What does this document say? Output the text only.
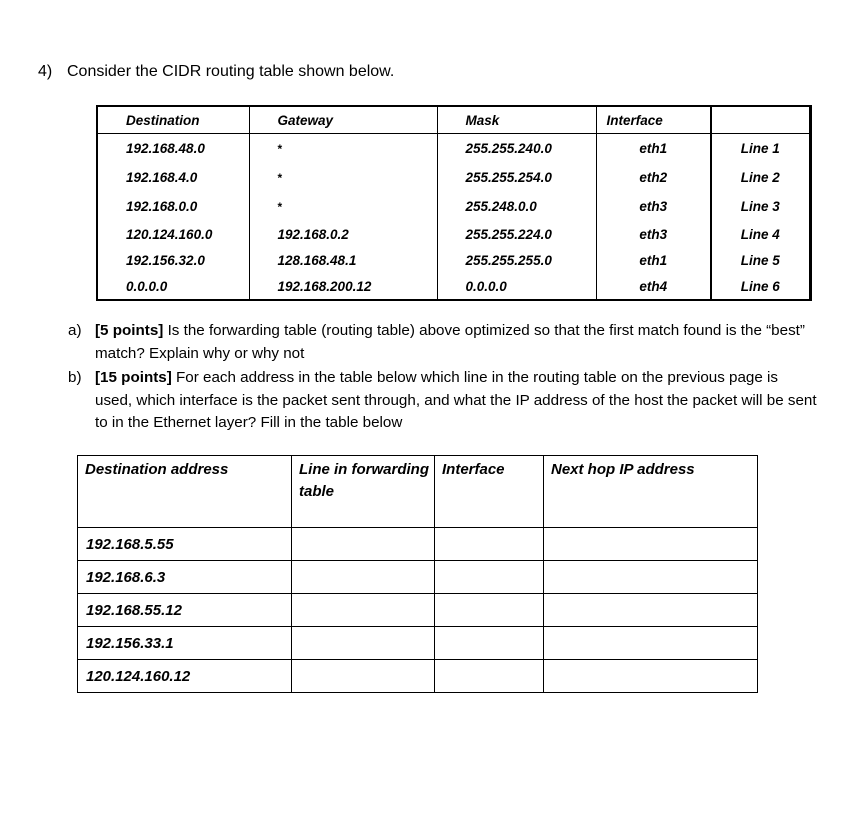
4) Consider the CIDR routing table shown below.
Destination	Gateway	Mask	Interface	
192.168.48.0	*	255.255.240.0	eth1	Line 1
192.168.4.0	*	255.255.254.0	eth2	Line 2
192.168.0.0	*	255.248.0.0	eth3	Line 3
120.124.160.0	192.168.0.2	255.255.224.0	eth3	Line 4
192.156.32.0	128.168.48.1	255.255.255.0	eth1	Line 5
0.0.0.0	192.168.200.12	0.0.0.0	eth4	Line 6
a) [5 points] Is the forwarding table (routing table) above optimized so that the first match found is the “best” match? Explain why or why not
b) [15 points] For each address in the table below which line in the routing table on the previous page is used, which interface is the packet sent through, and what the IP address of the host the packet will be sent to in the Ethernet layer? Fill in the table below
Destination address	Line in forwarding table	Interface	Next hop IP address
192.168.5.55			
192.168.6.3			
192.168.55.12			
192.156.33.1			
120.124.160.12			
